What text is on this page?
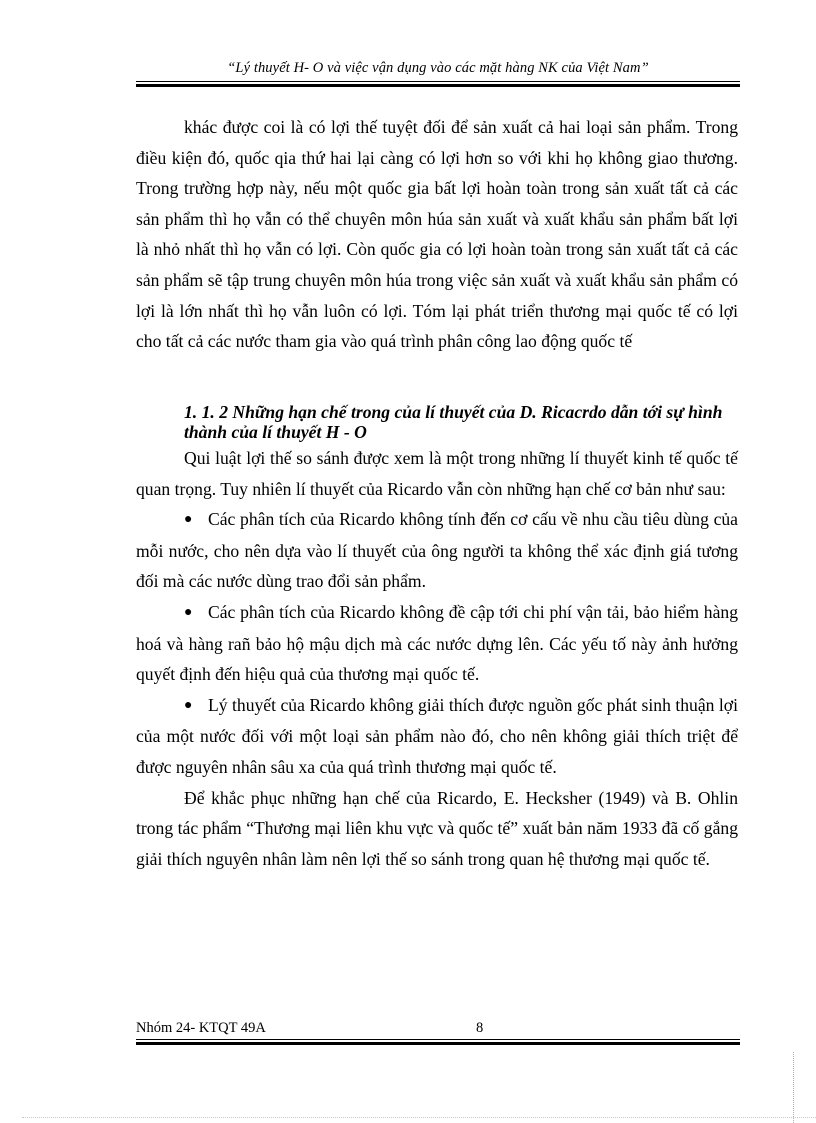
“Lý thuyết H- O và việc vận dụng vào các mặt hàng NK của Việt Nam”

khác được coi là có lợi thế tuyệt đối để sản xuất cả hai loại sản phẩm. Trong điều kiện đó, quốc qia thứ hai lại càng có lợi hơn so với khi họ không giao thương. Trong trường hợp này, nếu một quốc gia bất lợi hoàn toàn trong sản xuất tất cả các sản phẩm thì họ vẫn có thể chuyên môn húa sản xuất và xuất khẩu sản phẩm bất lợi là nhỏ nhất thì họ vẫn có lợi. Còn quốc gia có lợi hoàn toàn trong sản xuất tất cả các sản phẩm sẽ tập trung chuyên môn húa trong việc sản xuất và xuất khẩu sản phẩm có lợi là lớn nhất thì họ vẫn luôn có lợi. Tóm lại phát triển thương mại quốc tế có lợi cho tất cả các nước tham gia vào quá trình phân công lao động quốc tế

1. 1. 2 Những hạn chế trong của lí thuyết của D. Ricacrdo dẫn tới sự hình thành của lí thuyết H - O

Qui luật lợi thế so sánh được xem là một trong những lí thuyết kinh tế quốc tế quan trọng. Tuy nhiên lí thuyết của Ricardo vẫn còn những hạn chế cơ bản như sau:

● Các phân tích của Ricardo không tính đến cơ cấu về nhu cầu tiêu dùng của mỗi nước, cho nên dựa vào lí thuyết của ông người ta không thể xác định giá tương đối mà các nước dùng trao đổi sản phẩm.

● Các phân tích của Ricardo không đề cập tới chi phí vận tải, bảo hiểm hàng hoá và hàng rañ bảo hộ mậu dịch mà các nước dựng lên. Các yếu tố này ảnh hưởng quyết định đến hiệu quả của thương mại quốc tế.

● Lý thuyết của Ricardo không giải thích được nguồn gốc phát sinh thuận lợi của một nước đối với một loại sản phẩm nào đó, cho nên không giải thích triệt để được nguyên nhân sâu xa của quá trình thương mại quốc tế.

Để khắc phục những hạn chế của Ricardo, E. Hecksher (1949) và B. Ohlin trong tác phẩm “Thương mại liên khu vực và quốc tế” xuất bản năm 1933 đã cố gắng giải thích nguyên nhân làm nên lợi thế so sánh trong quan hệ thương mại quốc tế.

Nhóm 24- KTQT 49A	8
